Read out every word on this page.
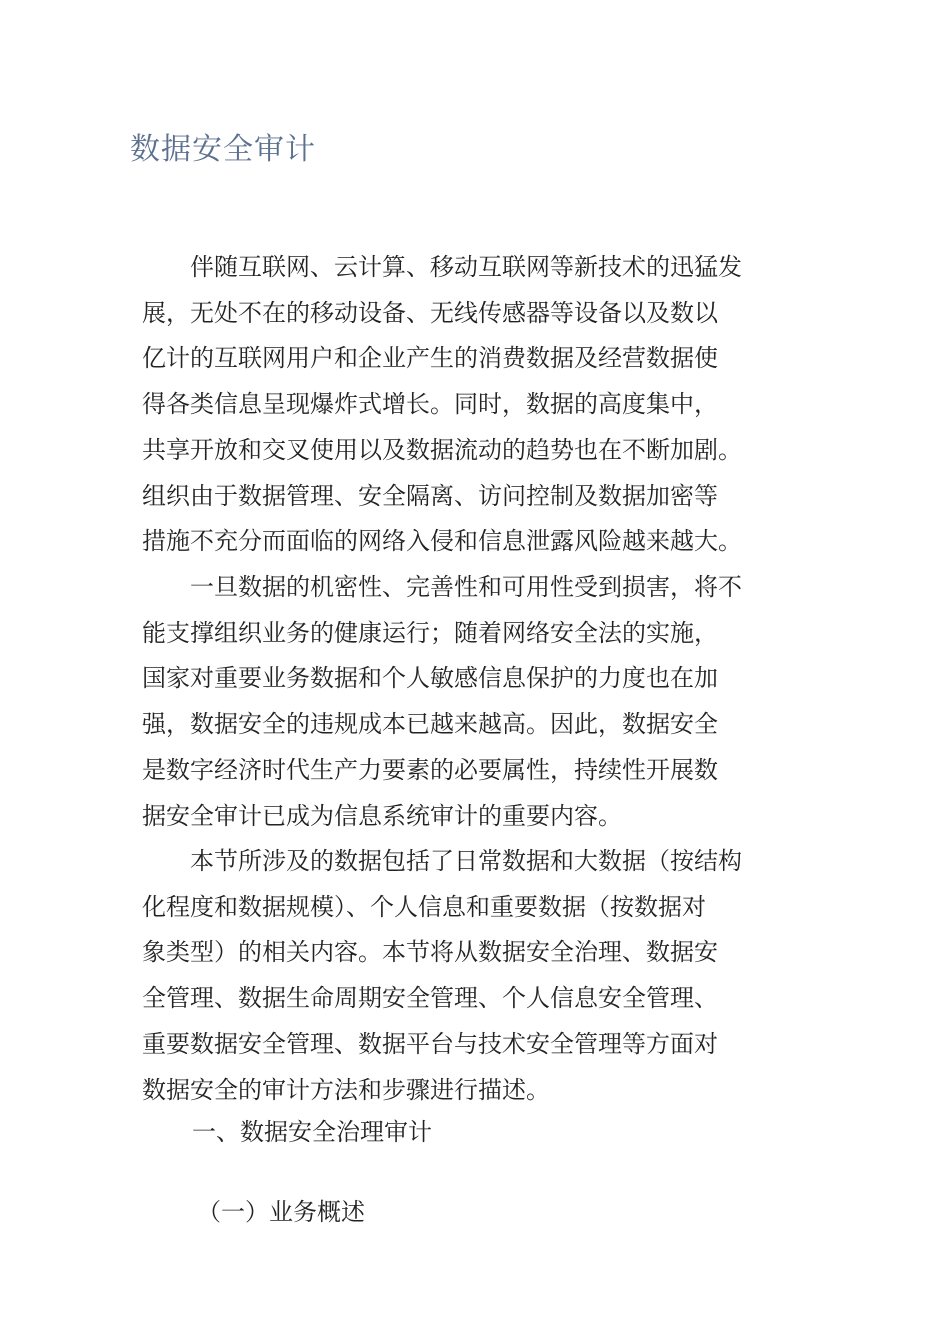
数据安全审计
　　伴随互联网、云计算、移动互联网等新技术的迅猛发
展，无处不在的移动设备、无线传感器等设备以及数以
亿计的互联网用户和企业产生的消费数据及经营数据使
得各类信息呈现爆炸式增长。同时，数据的高度集中，
共享开放和交叉使用以及数据流动的趋势也在不断加剧。
组织由于数据管理、安全隔离、访问控制及数据加密等
措施不充分而面临的网络入侵和信息泄露风险越来越大。
　　一旦数据的机密性、完善性和可用性受到损害，将不
能支撑组织业务的健康运行；随着网络安全法的实施，
国家对重要业务数据和个人敏感信息保护的力度也在加
强，数据安全的违规成本已越来越高。因此，数据安全
是数字经济时代生产力要素的必要属性，持续性开展数
据安全审计已成为信息系统审计的重要内容。
　　本节所涉及的数据包括了日常数据和大数据（按结构
化程度和数据规模）、个人信息和重要数据（按数据对
象类型）的相关内容。本节将从数据安全治理、数据安
全管理、数据生命周期安全管理、个人信息安全管理、
重要数据安全管理、数据平台与技术安全管理等方面对
数据安全的审计方法和步骤进行描述。
一、数据安全治理审计
（一）业务概述
